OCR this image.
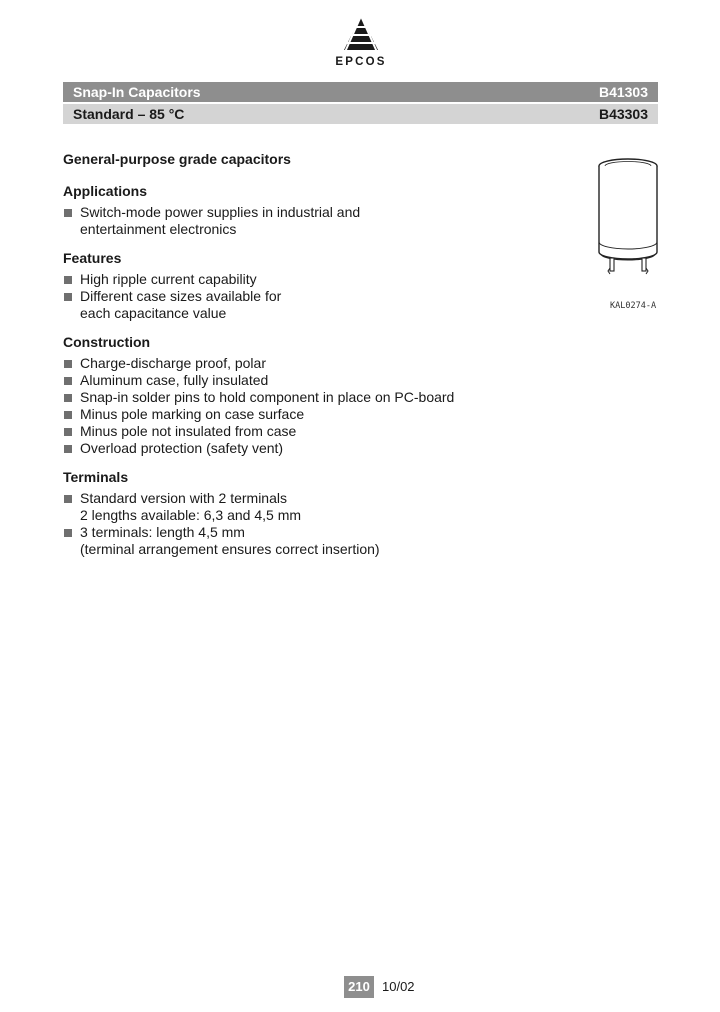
EPCOS
Snap-In Capacitors	B41303
Standard – 85 °C	B43303
General-purpose grade capacitors
Applications
Switch-mode power supplies in industrial and
entertainment electronics
Features
High ripple current capability
Different case sizes available for
each capacitance value
Construction
Charge-discharge proof, polar
Aluminum case, fully insulated
Snap-in solder pins to hold component in place on PC-board
Minus pole marking on case surface
Minus pole not insulated from case
Overload protection (safety vent)
Terminals
Standard version with 2 terminals
2 lengths available: 6,3 and 4,5 mm
3 terminals: length 4,5 mm
(terminal arrangement ensures correct insertion)
KAL0274-A
210 10/02
